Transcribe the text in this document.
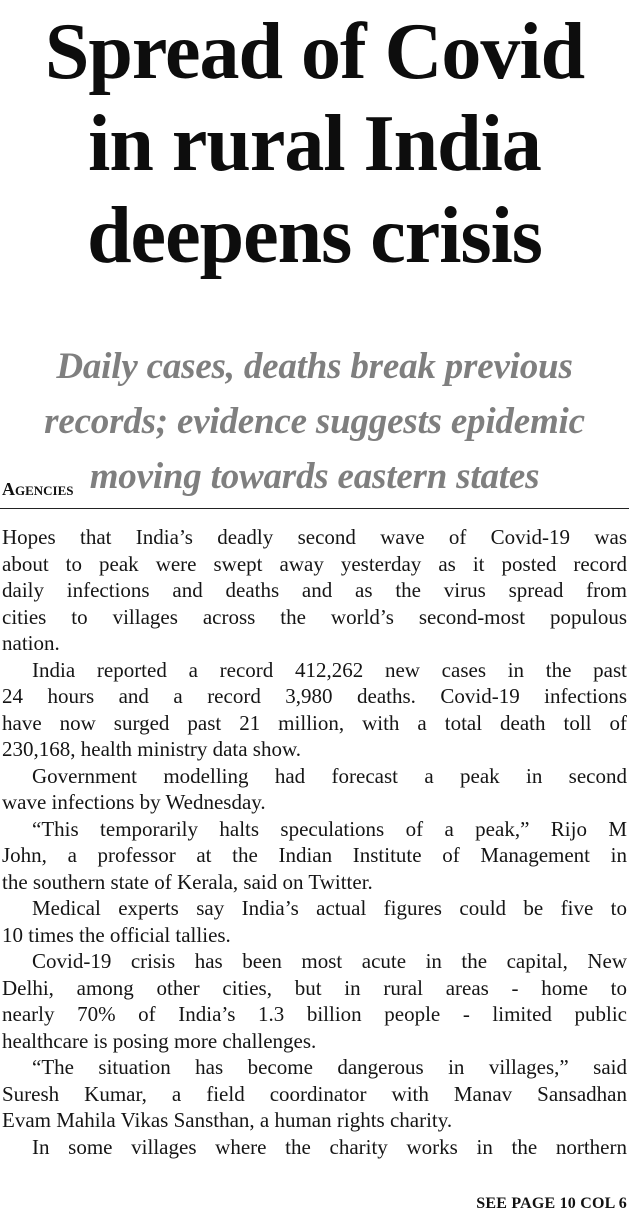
Spread of Covid
in rural India
deepens crisis
Daily cases, deaths break previous
records; evidence suggests epidemic
moving towards eastern states
Agencies

Hopes that India’s deadly second wave of Covid-19 was
about to peak were swept away yesterday as it posted record
daily infections and deaths and as the virus spread from
cities to villages across the world’s second-most populous
nation.

India reported a record 412,262 new cases in the past
24 hours and a record 3,980 deaths. Covid-19 infections
have now surged past 21 million, with a total death toll of
230,168, health ministry data show.

Government modelling had forecast a peak in second
wave infections by Wednesday.

“This temporarily halts speculations of a peak,” Rijo M
John, a professor at the Indian Institute of Management in
the southern state of Kerala, said on Twitter.

Medical experts say India’s actual figures could be five to
10 times the official tallies.

Covid-19 crisis has been most acute in the capital, New
Delhi, among other cities, but in rural areas - home to
nearly 70% of India’s 1.3 billion people - limited public
healthcare is posing more challenges.

“The situation has become dangerous in villages,” said
Suresh Kumar, a field coordinator with Manav Sansadhan
Evam Mahila Vikas Sansthan, a human rights charity.

In some villages where the charity works in the northern

SEE PAGE 10 COL 6
